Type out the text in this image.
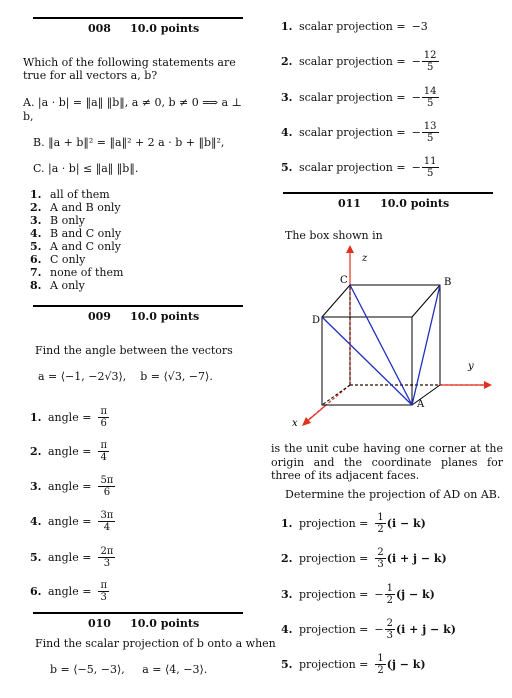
008     10.0 points
Which of the following statements are true for all vectors a, b?
A. |a · b| = ‖a‖ ‖b‖, a ≠ 0, b ≠ 0 ⟹ a ⊥ b,
B. ‖a + b‖² = ‖a‖² + 2 a · b + ‖b‖²,
C. |a · b| ≤ ‖a‖ ‖b‖.
1. all of them
2. A and B only
3. B only
4. B and C only
5. A and C only
6. C only
7. none of them
8. A only
009     10.0 points
Find the angle between the vectors
a = ⟨−1, −2√3⟩,    b = ⟨√3, −7⟩.
1. angle = $\frac{\pi}{6}$
2. angle = $\frac{\pi}{4}$
3. angle = $\frac{5\pi}{6}$
4. angle = $\frac{3\pi}{4}$
5. angle = $\frac{2\pi}{3}$
6. angle = $\frac{\pi}{3}$
010     10.0 points
Find the scalar projection of b onto a when
b = ⟨−5, −3⟩,     a = ⟨4, −3⟩.
1. scalar projection = −3
2. scalar projection = − $\frac{12}{5}$
3. scalar projection = − $\frac{14}{5}$
4. scalar projection = − $\frac{13}{5}$
5. scalar projection = − $\frac{11}{5}$
011     10.0 points
The box shown in
z
y
x
C	B
D
A
is the unit cube having one corner at the origin and the coordinate planes for three of its adjacent faces.
Determine the projection of AD on AB.
1. projection = $\frac{1}{2} (i - k)$
2. projection = $\frac{2}{3} (i + j - k)$
3. projection = − $\frac{1}{2} (j - k)$
4. projection = − $\frac{2}{3} (i + j - k)$
5. projection = $\frac{1}{2} (j - k)$
